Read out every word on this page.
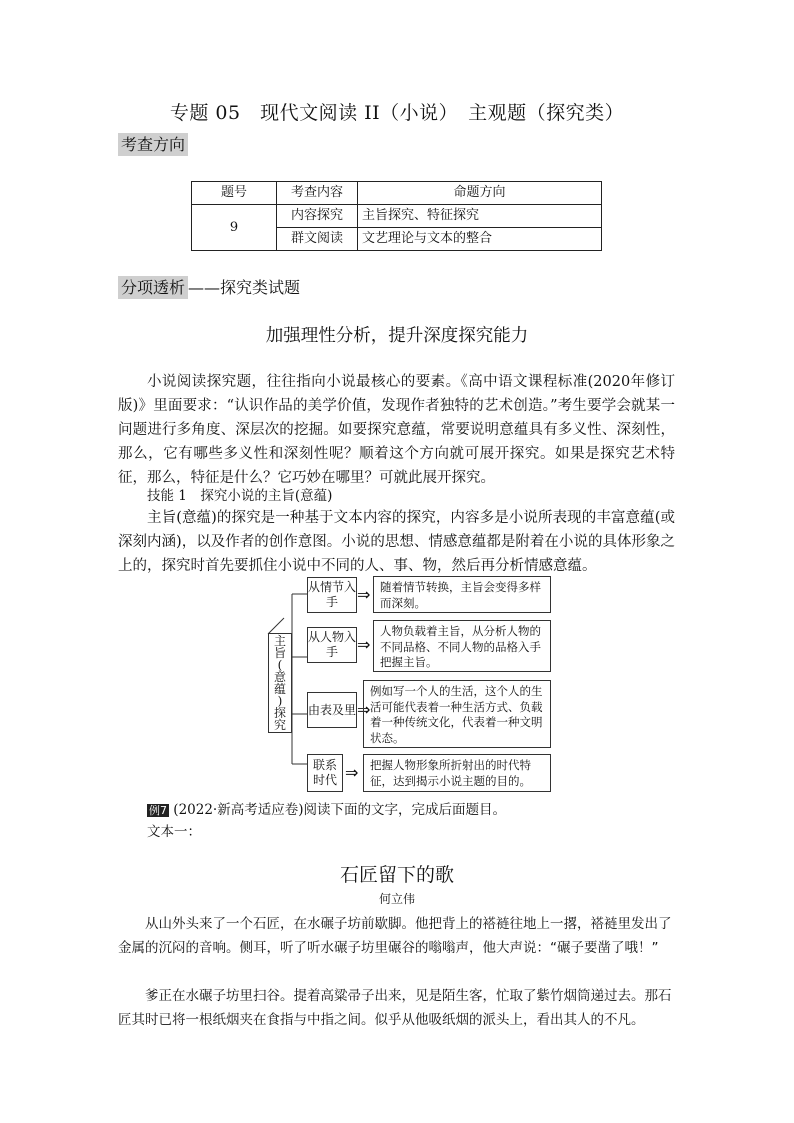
专题 05　现代文阅读 II（小说）　主观题（探究类）
考查方向
题号	考查内容	命题方向
9	内容探究	主旨探究、特征探究
	群文阅读	文艺理论与文本的整合
分项透析 ——探究类试题
加强理性分析，提升深度探究能力
小说阅读探究题，往往指向小说最核心的要素。《高中语文课程标准(2020年修订版)》里面要求：“认识作品的美学价值，发现作者独特的艺术创造。”考生要学会就某一问题进行多角度、深层次的挖掘。如要探究意蕴，常要说明意蕴具有多义性、深刻性，那么，它有哪些多义性和深刻性呢？顺着这个方向就可展开探究。如果是探究艺术特征，那么，特征是什么？它巧妙在哪里？可就此展开探究。
技能 1　探究小说的主旨(意蕴)
主旨(意蕴)的探究是一种基于文本内容的探究，内容多是小说所表现的丰富意蕴(或深刻内涵)，以及作者的创作意图。小说的思想、情感意蕴都是附着在小说的具体形象之上的，探究时首先要抓住小说中不同的人、事、物，然后再分析情感意蕴。
主
旨
(
意
蕴
)
探
究
从情节入手	⇒ 随着情节转换，主旨会变得多样而深刻。
从人物入手	⇒
人物负载着主旨，从分析人物的不同品格、不同人物的品格入手把握主旨。
由表及里 ⇒
例如写一个人的生活，这个人的生活可能代表着一种生活方式、负载着一种传统文化，代表着一种文明状态。
联系时代 ⇒	把握人物形象所折射出的时代特征，达到揭示小说主题的目的。
例7 (2022·新高考适应卷)阅读下面的文字，完成后面题目。
文本一：
石匠留下的歌
何立伟
从山外头来了一个石匠，在水碾子坊前歇脚。他把背上的褡裢往地上一撂，褡裢里发出了金属的沉闷的音响。侧耳，听了听水碾子坊里碾谷的嗡嗡声，他大声说：“碾子要凿了哦！”
爹正在水碾子坊里扫谷。提着高粱帚子出来，见是陌生客，忙取了紫竹烟筒递过去。那石匠其时已将一根纸烟夹在食指与中指之间。似乎从他吸纸烟的派头上，看出其人的不凡。
